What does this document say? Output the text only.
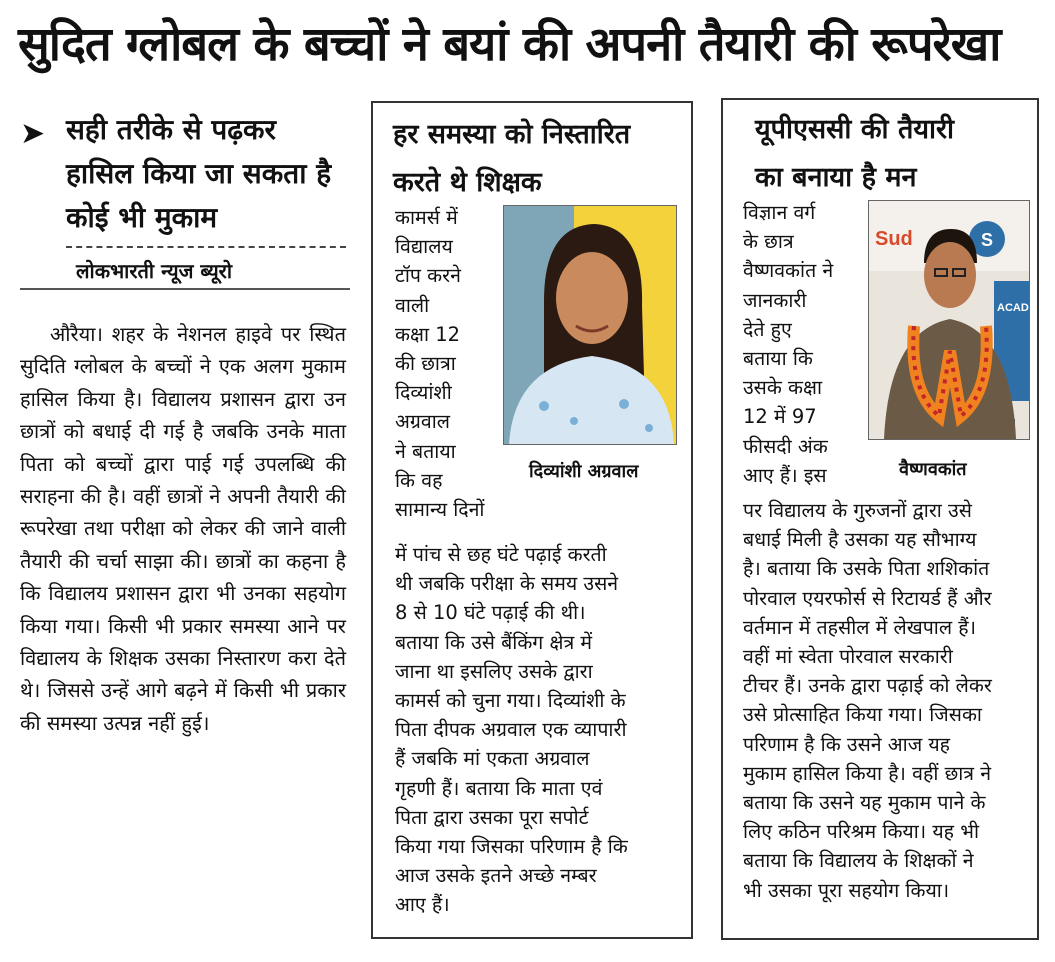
सुदित ग्लोबल के बच्चों ने बयां की अपनी तैयारी की रूपरेखा
➤ सही तरीके से पढ़कर हासिल किया जा सकता है कोई भी मुकाम
लोकभारती न्यूज ब्यूरो
औरैया। शहर के नेशनल हाइवे पर स्थित सुदिति ग्लोबल के बच्चों ने एक अलग मुकाम हासिल किया है। विद्यालय प्रशासन द्वारा उन छात्रों को बधाई दी गई है जबकि उनके माता पिता को बच्चों द्वारा पाई गई उपलब्धि की सराहना की है। वहीं छात्रों ने अपनी तैयारी की रूपरेखा तथा परीक्षा को लेकर की जाने वाली तैयारी की चर्चा साझा की। छात्रों का कहना है कि विद्यालय प्रशासन द्वारा भी उनका सहयोग किया गया। किसी भी प्रकार समस्या आने पर विद्यालय के शिक्षक उसका निस्तारण करा देते थे। जिससे उन्हें आगे बढ़ने में किसी भी प्रकार की समस्या उत्पन्न नहीं हुई।
हर समस्या को निस्तारित
करते थे शिक्षक
कामर्स में
विद्यालय
टॉप करने
वाली
कक्षा 12
की छात्रा
दिव्यांशी
अग्रवाल
ने बताया
कि वह
सामान्य दिनों
दिव्यांशी अग्रवाल
में पांच से छह घंटे पढ़ाई करती
थी जबकि परीक्षा के समय उसने
8 से 10 घंटे पढ़ाई की थी।
बताया कि उसे बैंकिंग क्षेत्र में
जाना था इसलिए उसके द्वारा
कामर्स को चुना गया। दिव्यांशी के
पिता दीपक अग्रवाल एक व्यापारी
हैं जबकि मां एकता अग्रवाल
गृहणी हैं। बताया कि माता एवं
पिता द्वारा उसका पूरा सपोर्ट
किया गया जिसका परिणाम है कि
आज उसके इतने अच्छे नम्बर
आए हैं।
यूपीएससी की तैयारी
का बनाया है मन
विज्ञान वर्ग
के छात्र
वैष्णवकांत ने
जानकारी
देते हुए
बताया कि
उसके कक्षा
12 में 97
फीसदी अंक
आए हैं। इस
Sud	S
ACAD
वैष्णवकांत
पर विद्यालय के गुरुजनों द्वारा उसे
बधाई मिली है उसका यह सौभाग्य
है। बताया कि उसके पिता शशिकांत
पोरवाल एयरफोर्स से रिटायर्ड हैं और
वर्तमान में तहसील में लेखपाल हैं।
वहीं मां स्वेता पोरवाल सरकारी
टीचर हैं। उनके द्वारा पढ़ाई को लेकर
उसे प्रोत्साहित किया गया। जिसका
परिणाम है कि उसने आज यह
मुकाम हासिल किया है। वहीं छात्र ने
बताया कि उसने यह मुकाम पाने के
लिए कठिन परिश्रम किया। यह भी
बताया कि विद्यालय के शिक्षकों ने
भी उसका पूरा सहयोग किया।
